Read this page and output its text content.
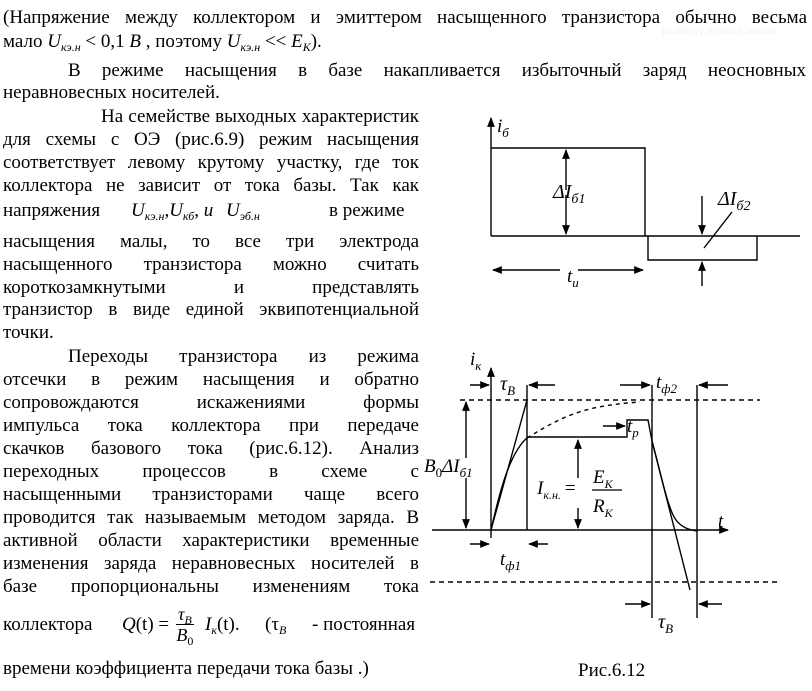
разберут нужные знания
(Напряжение между коллектором и эмиттером насыщенного транзистора обычно весьма
мало $U_{кэ.н} < 0,1$ В , поэтому $U_{кэ.н} << E_К$).
В режиме насыщения в базе накапливается избыточный заряд неосновных
неравновесных носителей.
На семействе выходных характеристик
для схемы с ОЭ (рис.6.9) режим насыщения
соответствует левому крутому участку, где ток
коллектора не зависит от тока базы. Так как
напряжения $U_{кэ.н},U_{кб}$, и $U_{эб.н}$	в режиме
насыщения малы, то все три электрода
насыщенного транзистора можно считать
короткозамкнутыми и представлять
транзистор в виде единой эквипотенциальной
точки.
Переходы транзистора из режима
отсечки в режим насыщения и обратно
сопровождаются искажениями формы
импульса тока коллектора при передаче
скачков базового тока (рис.6.12). Анализ
переходных процессов в схеме с
насыщенными транзисторами чаще всего
проводится так называемым методом заряда. В
активной области характеристики временные
изменения заряда неравновесных носителей в
базе пропорциональны изменениям тока
коллектора $Q(t) = \tau_В$
$B_0$
$I_к(t)$. ($\tau_В$ - постоянная
времени коэффициента передачи тока базы .)
$i_б$
$\Delta I_{б1}$	$\Delta I_{б2}$
$t_и$
$i_к$
$\tau_В$	$t_{ф2}$
$t_р$
$B_0\Delta I_{б1}$
$I_{к.н.}$ =
$E_К$
$R_К$	t
$t_{ф1}$
$\tau_В$
Рис.6.12
